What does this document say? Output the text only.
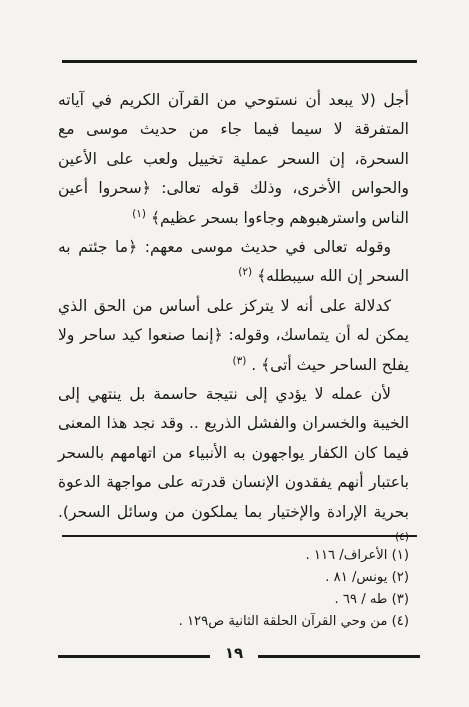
أجل (لا يبعد أن نستوحي من القرآن الكريم في آياته المتفرقة لا سيما فيما جاء من حديث موسى مع السحرة، إن السحر عملية تخييل ولعب على الأعين والحواس الأخرى، وذلك قوله تعالى: ﴿سحروا أعين الناس واسترهبوهم وجاءوا بسحر عظيم﴾ $^{(١)}$

وقوله تعالى في حديث موسى معهم: ﴿ما جئتم به السحر إن الله سيبطله﴾ $^{(٢)}$

كدلالة على أنه لا يتركز على أساس من الحق الذي يمكن له أن يتماسك، وقوله: ﴿إنما صنعوا كيد ساحر ولا يفلح الساحر حيث أتى﴾ . $^{(٣)}$

لأن عمله لا يؤدي إلى نتيجة حاسمة بل ينتهي إلى الخيبة والخسران والفشل الذريع .. وقد نجد هذا المعنى فيما كان الكفار يواجهون به الأنبياء من اتهامهم بالسحر باعتبار أنهم يفقدون الإنسان قدرته على مواجهة الدعوة بحرية الإرادة والإختيار بما يملكون من وسائل السحر).

(١) الأعراف/ ١١٦ .
(٢) يونس/ ٨١ .
(٣) طه / ٦٩ .
(٤) من وحي القرآن الحلقة الثانية ص١٢٩ .
١٩
